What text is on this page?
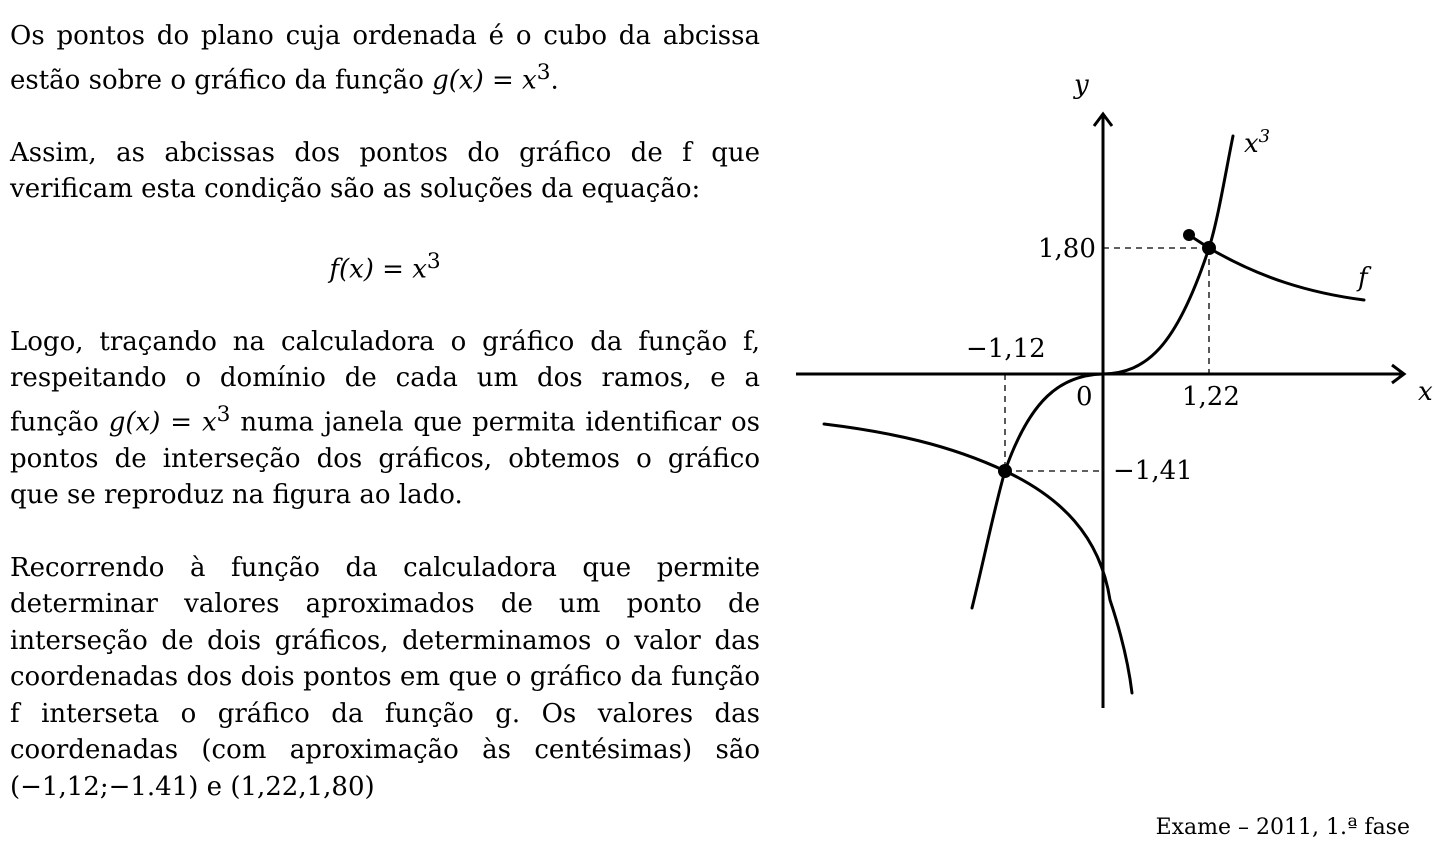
Os pontos do plano cuja ordenada é o cubo da abcissa estão sobre o gráfico da função $g(x) = x^3$.

Assim, as abcissas dos pontos do gráfico de f que verificam esta condição são as soluções da equação:

$f(x) = x^3$

Logo, traçando na calculadora o gráfico da função f, respeitando o domínio de cada um dos ramos, e a função $g(x) = x^3$ numa janela que permita identificar os pontos de interseção dos gráficos, obtemos o gráfico que se reproduz na figura ao lado.

Recorrendo à função da calculadora que permite determinar valores aproximados de um ponto de interseção de dois gráficos, determinamos o valor das coordenadas dos dois pontos em que o gráfico da função f interseta o gráfico da função g. Os valores das coordenadas (com aproximação às centésimas) são (−1,12;−1.41) e (1,22,1,80)

y
x
0
1,80
−1,41
1,22
−1,12
$x^3$
f
Exame – 2011, 1.ª fase
